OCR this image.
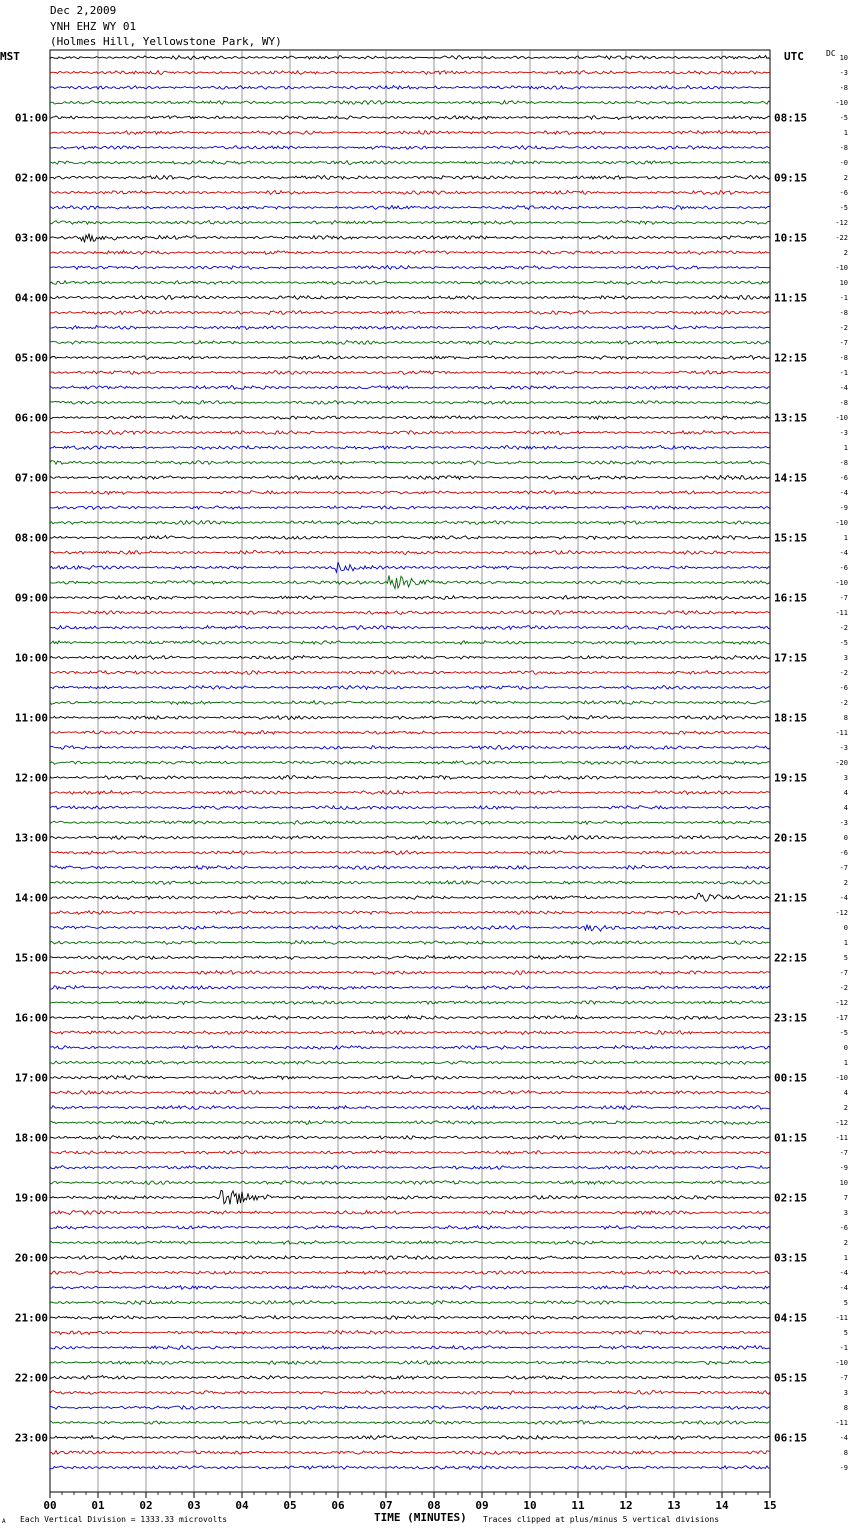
10
-3
-8
-10
-5
1
-8
-0
2
-6
-5
-12
-22
2
-10
10
-1
-8
-2
-7
-8
-1
-4
-8
-10
-3
1
-8
-6
-4
-9
-10
1
-4
-6
-10
-7
-11
-2
-5
3
-2
-6
-2
8
-11
-3
-20
3
4
4
-3
0
-6
-7
2
-4
-12
0
1
5
-7
-2
-12
-17
-5
0
1
-10
4
2
-12
-11
-7
-9
10
7
3
-6
2
1
-4
-4
5
-11
5
-1
-10
-7
3
8
-11
-4
8
-9
01:00
02:00
03:00
04:00
05:00
06:00
07:00
08:00
09:00
10:00
11:00
12:00
13:00
14:00
15:00
16:00
17:00
18:00
19:00
20:00
21:00
22:00
23:00
08:15
09:15
10:15
11:15
12:15
13:15
14:15
15:15
16:15
17:15
18:15
19:15
20:15
21:15
22:15
23:15
00:15
01:15
02:15
03:15
04:15
05:15
06:15
00	01	02	03	04	05	06	07	08	09	10	11	12	13	14	15
Dec 2,2009
YNH EHZ WY 01
(Holmes Hill, Yellowstone Park, WY)
MST	UTC	DC
A Each Vertical Division = 1333.33 microvolts	TIME (MINUTES) Traces clipped at plus/minus 5 vertical divisions
